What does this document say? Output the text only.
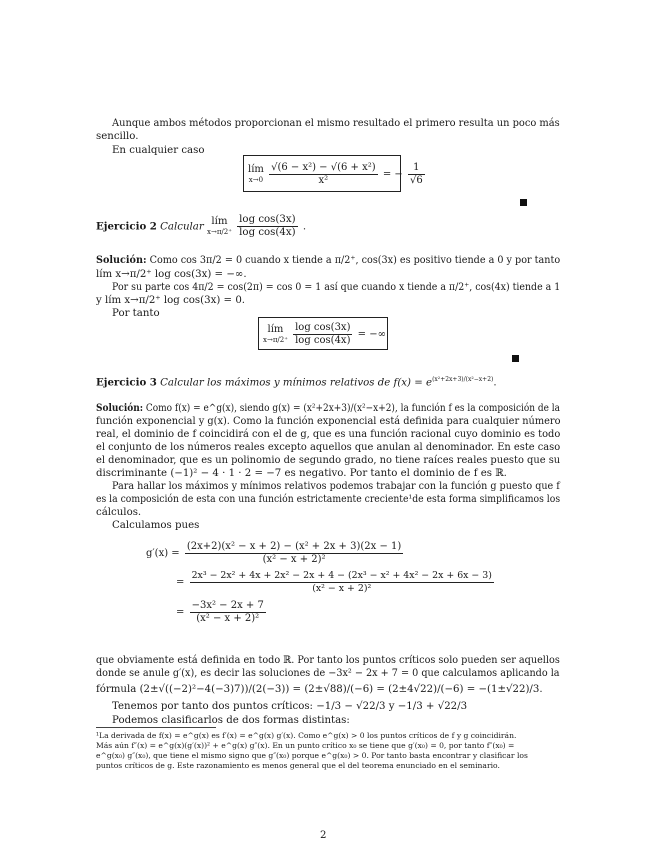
Aunque ambos métodos proporcionan el mismo resultado el primero resulta un poco más
sencillo.
En cualquier caso
lím
x→0
$\frac{\text{√(6 − x²) − √(6 + x²)}}{\text{x²}}$ = − $\frac{1}{√6}$
Ejercicio 2 Calcular lím
x→π/2⁺
$\frac{\text{log cos(3x)}}{\text{log cos(4x)}}$ .
Solución: Como cos 3π/2 = 0 cuando x tiende a π/2⁺, cos(3x) es positivo tiende a 0 y por tanto
lím x→π/2⁺ log cos(3x) = −∞.
Por su parte cos 4π/2 = cos(2π) = cos 0 = 1 así que cuando x tiende a π/2⁺, cos(4x) tiende a 1
y lím x→π/2⁺ log cos(3x) = 0.
Por tanto
lím
x→π/2⁺
$\frac{\text{log cos(3x)}}{\text{log cos(4x)}}$ = −∞
Ejercicio 3 Calcular los máximos y mínimos relativos de $f(x) = e^{(x^2+2x+3)/(x^2-x+2)}$.
Solución: Como f(x) = e^g(x), siendo g(x) = (x²+2x+3)/(x²−x+2), la función f es la composición de la
función exponencial y g(x). Como la función exponencial está definida para cualquier número
real, el dominio de f coincidirá con el de g, que es una función racional cuyo dominio es todo
el conjunto de los números reales excepto aquellos que anulan al denominador. En este caso
el denominador, que es un polinomio de segundo grado, no tiene raíces reales puesto que su
discriminante (−1)² − 4 · 1 · 2 = −7 es negativo. Por tanto el dominio de f es ℝ.
Para hallar los máximos y mínimos relativos podemos trabajar con la función g puesto que f
es la composición de esta con una función estrictamente creciente¹de esta forma simplificamos los
cálculos.
Calculamos pues
$g'(x) = \frac{\text{(2x+2)(x² − x + 2) − (x² + 2x + 3)(2x − 1)}}{\text{(x² − x + 2)²}}$
=
2x³ − 2x² + 4x + 2x² − 2x + 4 − (2x³ − x² + 4x² − 2x + 6x − 3)
(x² − x + 2)²
= $\frac{\text{−3x² − 2x + 7}}{\text{(x² − x + 2)²}}$
que obviamente está definida en todo ℝ. Por tanto los puntos críticos solo pueden ser aquellos
donde se anule g′(x), es decir las soluciones de −3x² − 2x + 7 = 0 que calculamos aplicando la
fórmula (2±√((−2)²−4(−3)7))/(2(−3)) = (2±√88)/(−6) = (2±4√22)/(−6) = −(1±√22)/3.
Tenemos por tanto dos puntos críticos: −1/3 − √22/3 y −1/3 + √22/3
Podemos clasificarlos de dos formas distintas:
¹La derivada de f(x) = e^g(x) es f′(x) = e^g(x) g′(x). Como e^g(x) > 0 los puntos críticos de f y g coincidirán.
Más aún f″(x) = e^g(x)(g′(x))² + e^g(x) g″(x). En un punto crítico x₀ se tiene que g′(x₀) = 0, por tanto f″(x₀) =
e^g(x₀) g″(x₀), que tiene el mismo signo que g″(x₀) porque e^g(x₀) > 0. Por tanto basta encontrar y clasificar los
puntos críticos de g. Este razonamiento es menos general que el del teorema enunciado en el seminario.
2
